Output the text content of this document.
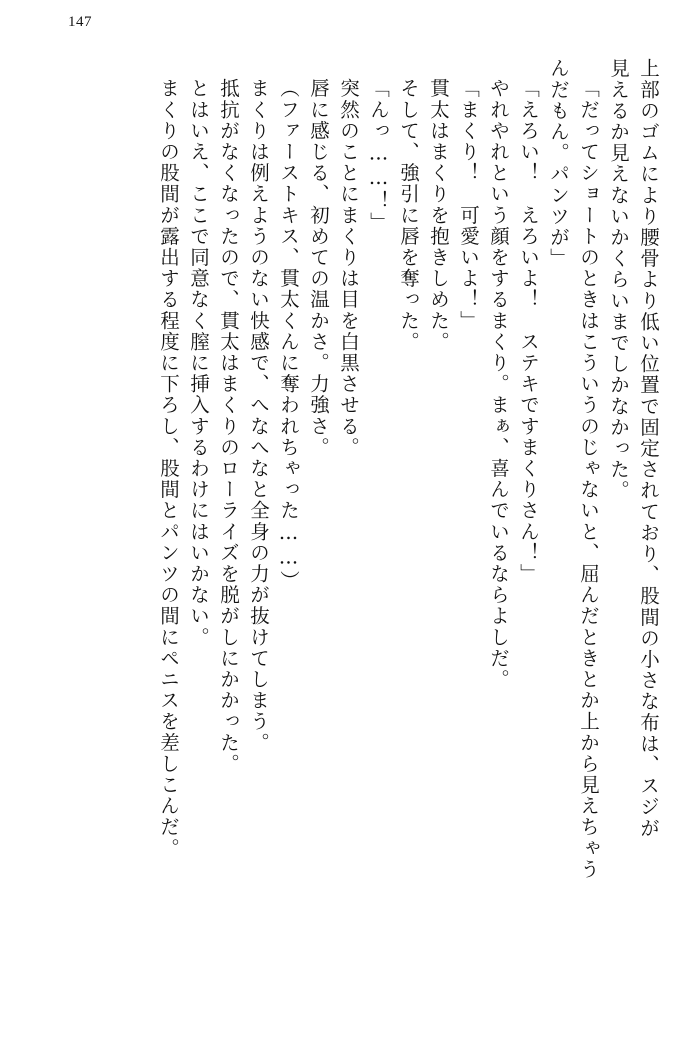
147
上部のゴムにより腰骨より低い位置で固定されており、股間の小さな布は、スジが
見えるか見えないかくらいまでしかなかった。
「だってショートのときはこういうのじゃないと、屈んだときとか上から見えちゃう
んだもん。パンツが」
「えろい！　えろいよ！　ステキですまくりさん！」
やれやれという顔をするまくり。まぁ、喜んでいるならよしだ。
「まくり！　可愛いよ！」
貫太はまくりを抱きしめた。
そして、強引に唇を奪った。
「んっ……！」
突然のことにまくりは目を白黒させる。
唇に感じる、初めての温かさ。力強さ。
（ファーストキス、貫太くんに奪われちゃった……）
まくりは例えようのない快感で、へなへなと全身の力が抜けてしまう。
抵抗がなくなったので、貫太はまくりのローライズを脱がしにかかった。
とはいえ、ここで同意なく膣に挿入するわけにはいかない。
まくりの股間が露出する程度に下ろし、股間とパンツの間にペニスを差しこんだ。
